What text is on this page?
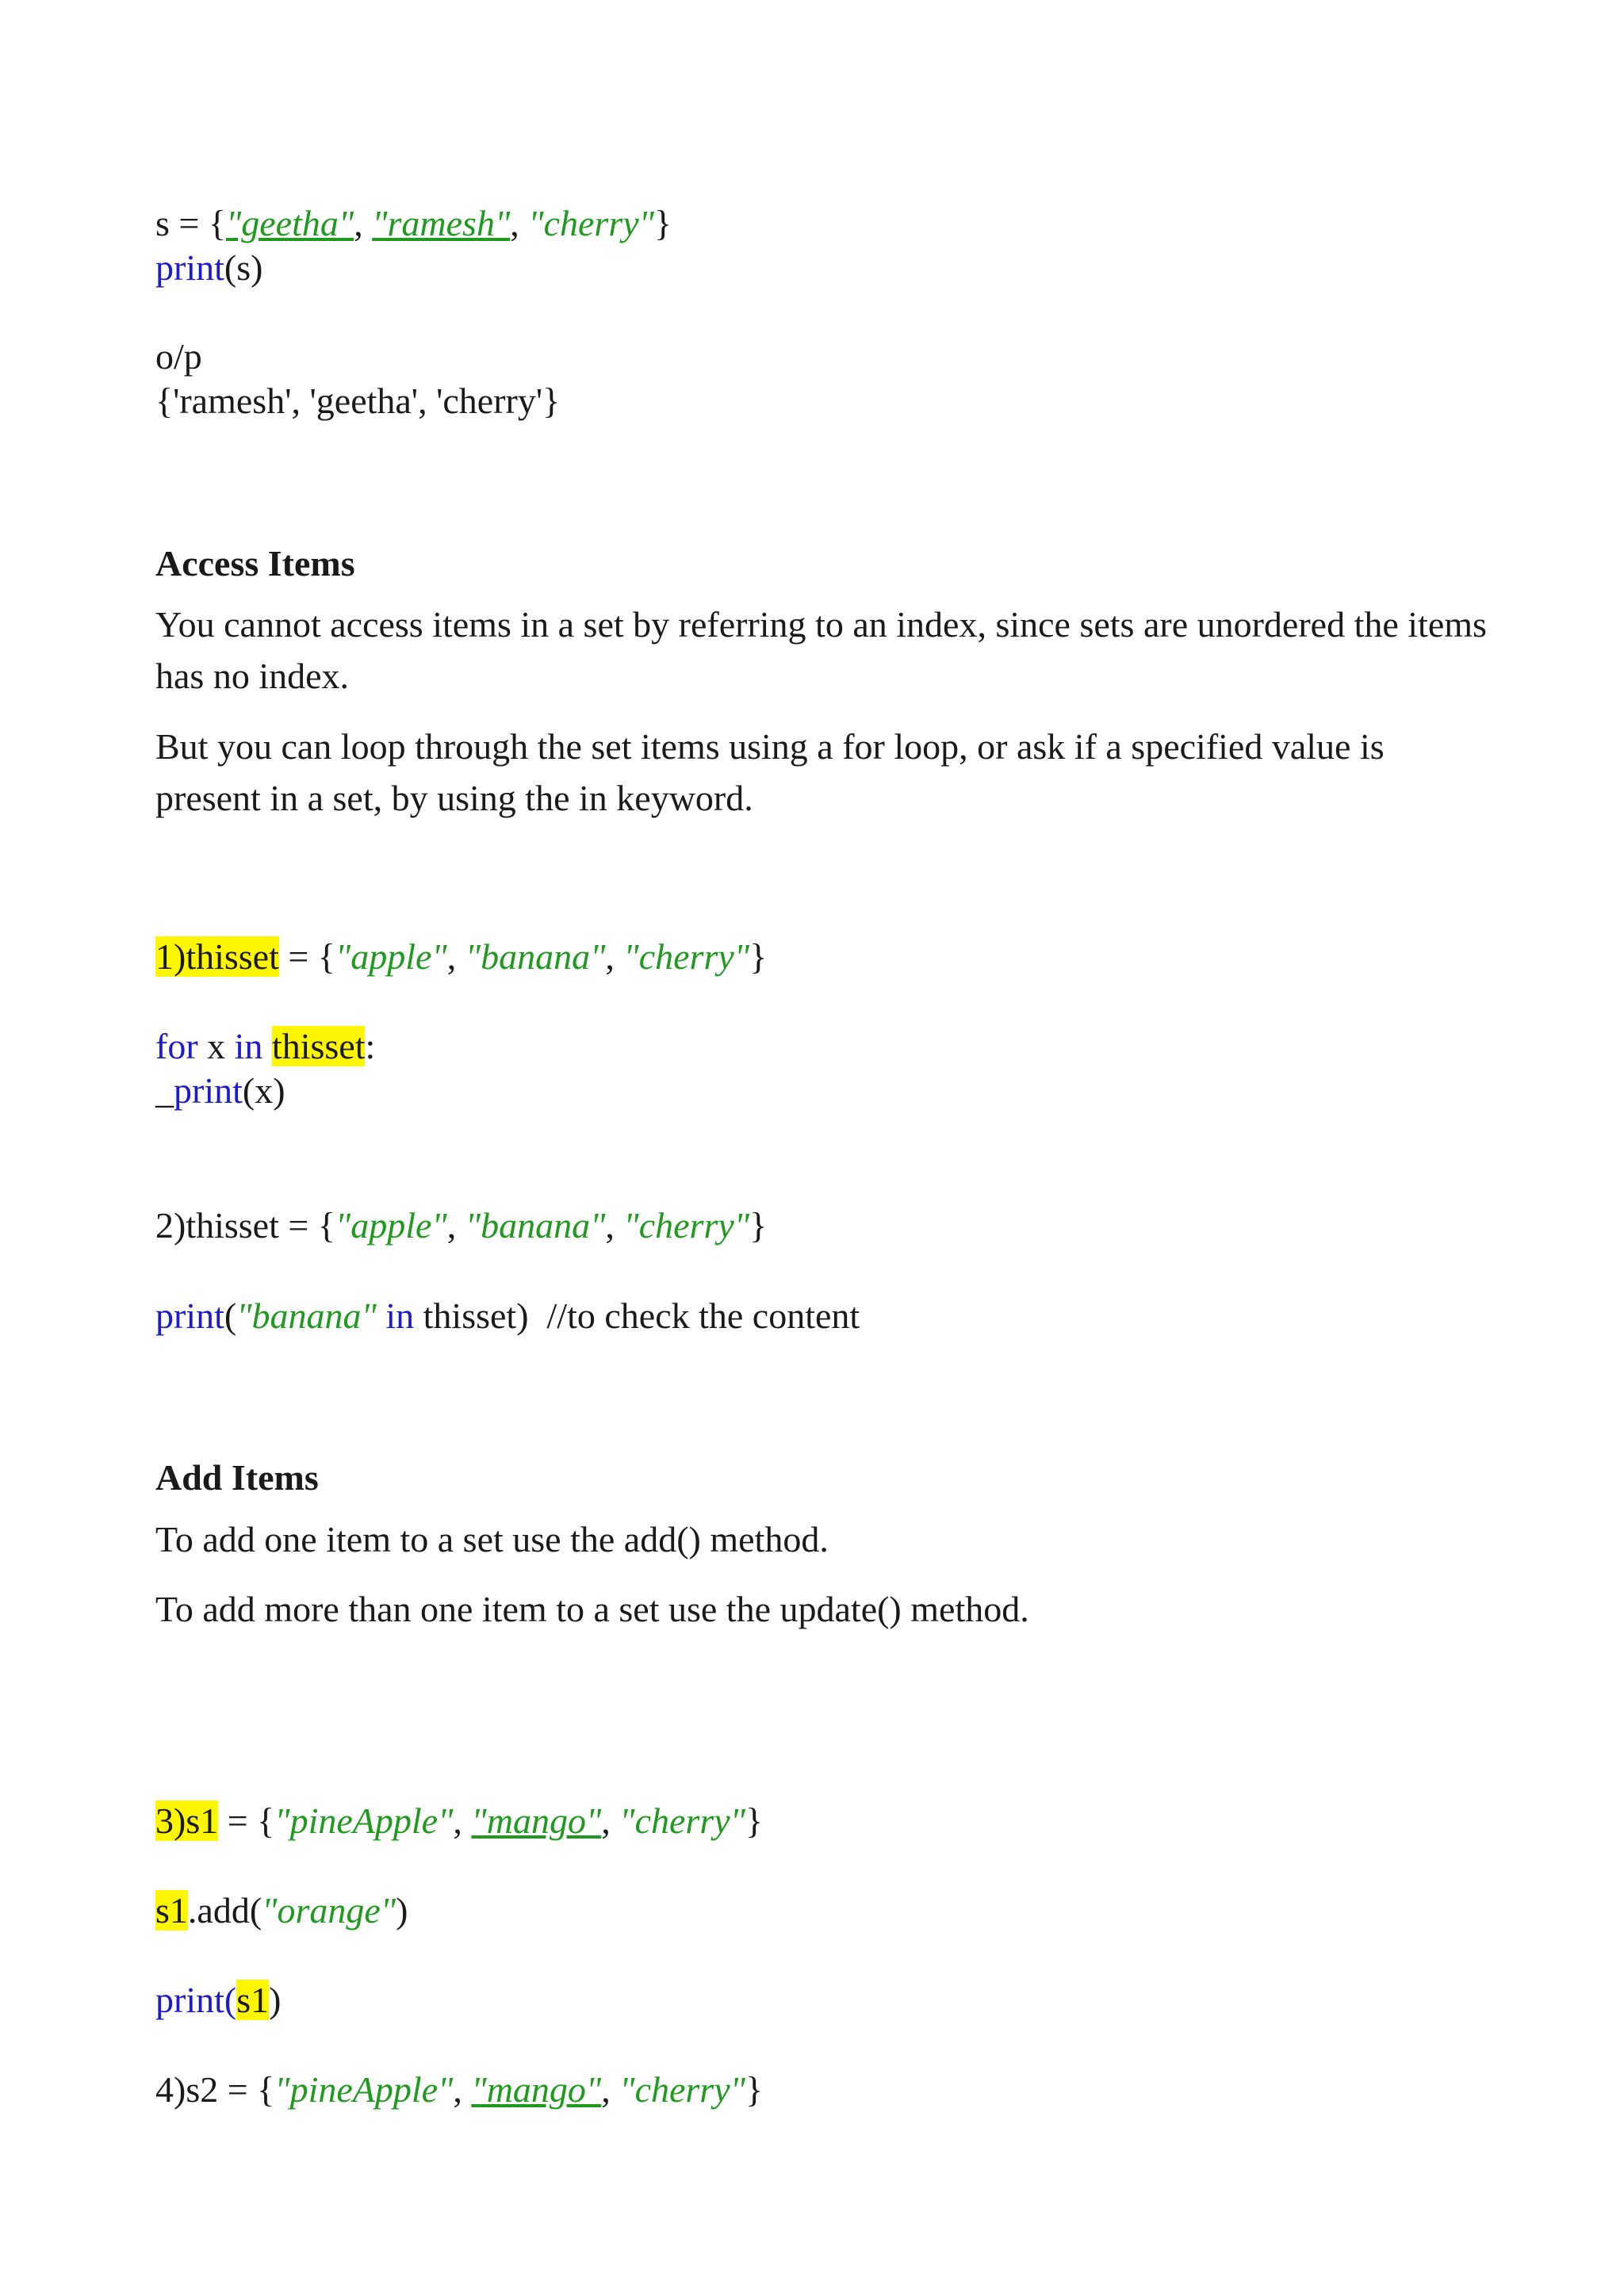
s = {"geetha", "ramesh", "cherry"}
print(s)
o/p
{'ramesh', 'geetha', 'cherry'}
Access Items
You cannot access items in a set by referring to an index, since sets are unordered the items has no index.
But you can loop through the set items using a for loop, or ask if a specified value is present in a set, by using the in keyword.
1)thisset = {"apple", "banana", "cherry"}
for x in thisset:
_print(x)
2)thisset = {"apple", "banana", "cherry"}
print("banana" in thisset)  //to check the content
Add Items
To add one item to a set use the add() method.
To add more than one item to a set use the update() method.
3)s1 = {"pineApple", "mango", "cherry"}
s1.add("orange")
print(s1)
4)s2 = {"pineApple", "mango", "cherry"}
